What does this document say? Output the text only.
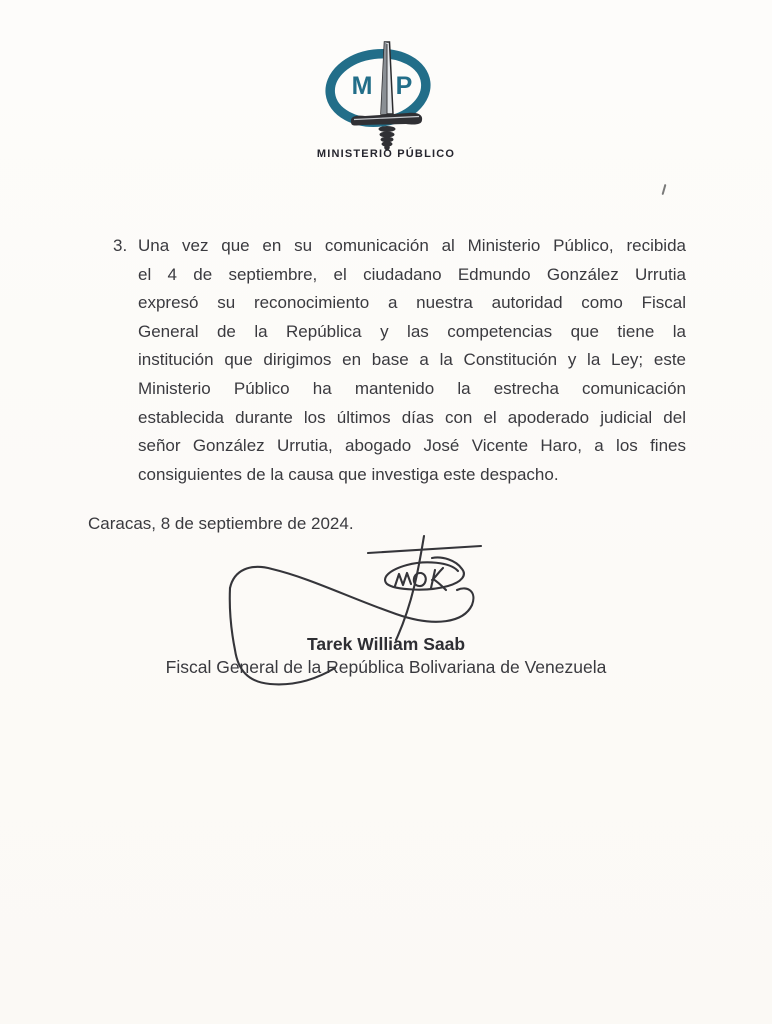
M P
MINISTERIO PÚBLICO
3. Una vez que en su comunicación al Ministerio Público, recibida
el 4 de septiembre, el ciudadano Edmundo González Urrutia
expresó su reconocimiento a nuestra autoridad como Fiscal
General de la República y las competencias que tiene la
institución que dirigimos en base a la Constitución y la Ley; este
Ministerio Público ha mantenido la estrecha comunicación
establecida durante los últimos días con el apoderado judicial del
señor González Urrutia, abogado José Vicente Haro, a los fines
consiguientes de la causa que investiga este despacho.
Caracas, 8 de septiembre de 2024.
Tarek William Saab
Fiscal General de la República Bolivariana de Venezuela
